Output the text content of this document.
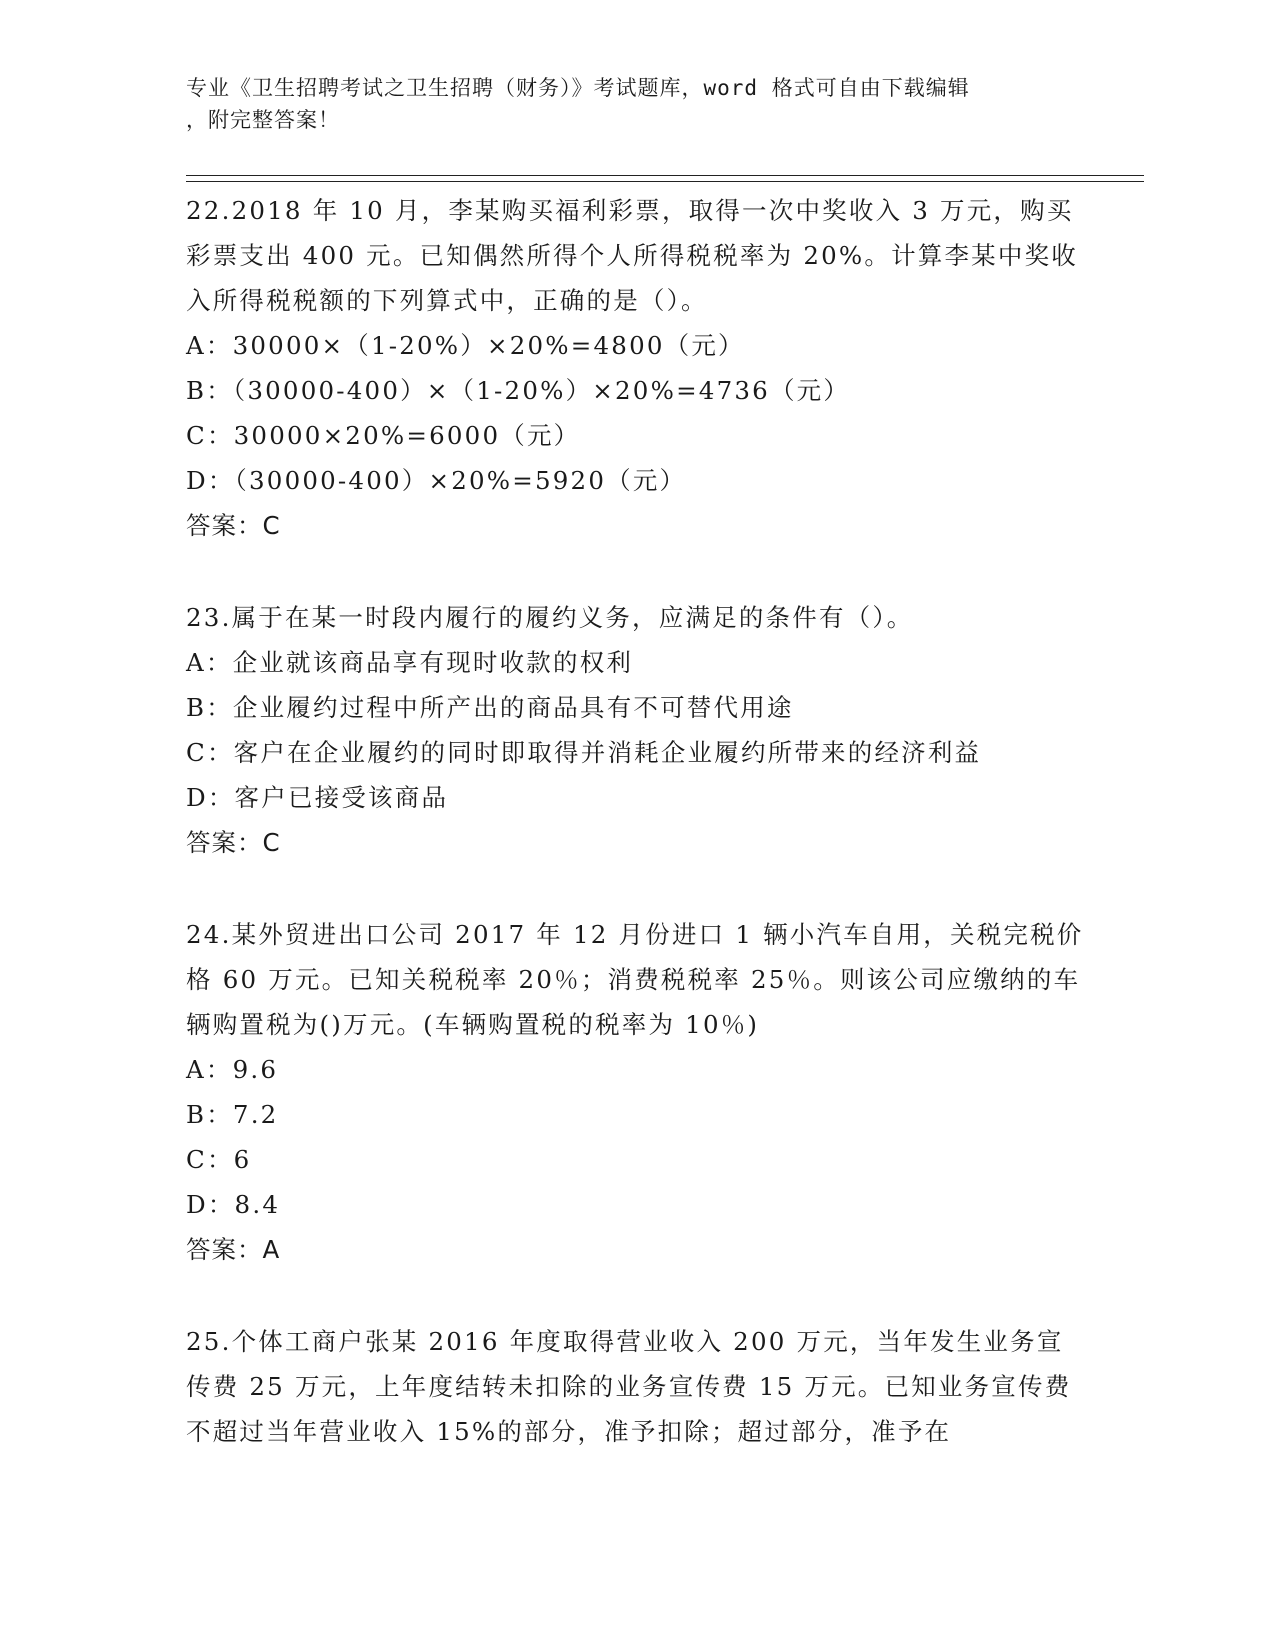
专业《卫生招聘考试之卫生招聘（财务）》考试题库，word 格式可自由下载编辑
，附完整答案！
22.2018 年 10 月，李某购买福利彩票，取得一次中奖收入 3 万元，购买彩票支出 400 元。已知偶然所得个人所得税税率为 20%。计算李某中奖收入所得税税额的下列算式中，正确的是（）。
A：30000×（1-20%）×20%=4800（元）
B：（30000-400）×（1-20%）×20%=4736（元）
C：30000×20%=6000（元）
D：（30000-400）×20%=5920（元）
答案：C
23.属于在某一时段内履行的履约义务，应满足的条件有（）。
A：企业就该商品享有现时收款的权利
B：企业履约过程中所产出的商品具有不可替代用途
C：客户在企业履约的同时即取得并消耗企业履约所带来的经济利益
D：客户已接受该商品
答案：C
24.某外贸进出口公司 2017 年 12 月份进口 1 辆小汽车自用，关税完税价格 60 万元。已知关税税率 20％；消费税税率 25％。则该公司应缴纳的车辆购置税为()万元。(车辆购置税的税率为 10％)
A：9.6
B：7.2
C：6
D：8.4
答案：A
25.个体工商户张某 2016 年度取得营业收入 200 万元，当年发生业务宣传费 25 万元，上年度结转未扣除的业务宣传费 15 万元。已知业务宣传费不超过当年营业收入 15%的部分，准予扣除；超过部分，准予在
